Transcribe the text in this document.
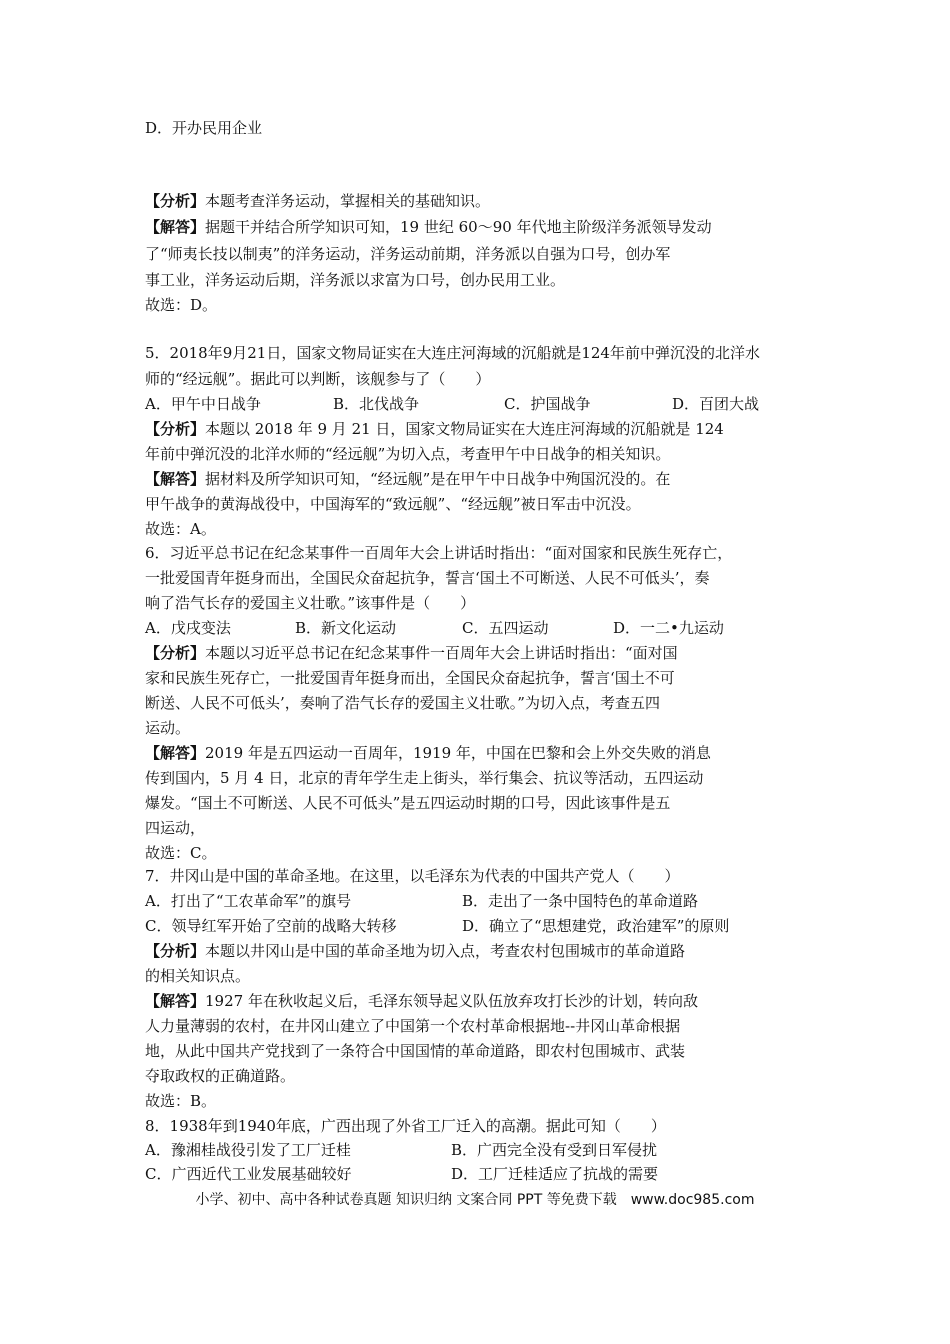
D．开办民用企业
【分析】本题考查洋务运动，掌握相关的基础知识。
【解答】据题干并结合所学知识可知，19 世纪 60～90 年代地主阶级洋务派领导发动
了“师夷长技以制夷”的洋务运动，洋务运动前期，洋务派以自强为口号，创办军
事工业，洋务运动后期，洋务派以求富为口号，创办民用工业。
故选：D。
5．2018年9月21日，国家文物局证实在大连庄河海域的沉船就是124年前中弹沉没的北洋水
师的“经远舰”。据此可以判断，该舰参与了（　　）
A．甲午中日战争	B．北伐战争	C．护国战争	D．百团大战
【分析】本题以 2018 年 9 月 21 日，国家文物局证实在大连庄河海域的沉船就是 124
年前中弹沉没的北洋水师的“经远舰”为切入点，考查甲午中日战争的相关知识。
【解答】据材料及所学知识可知，“经远舰”是在甲午中日战争中殉国沉没的。在
甲午战争的黄海战役中，中国海军的“致远舰”、“经远舰”被日军击中沉没。
故选：A。
6．习近平总书记在纪念某事件一百周年大会上讲话时指出：“面对国家和民族生死存亡，
一批爱国青年挺身而出，全国民众奋起抗争，誓言‘国土不可断送、人民不可低头’，奏
响了浩气长存的爱国主义壮歌。”该事件是（　　）
A．戊戌变法	B．新文化运动	C．五四运动	D．一二•九运动
【分析】本题以习近平总书记在纪念某事件一百周年大会上讲话时指出：“面对国
家和民族生死存亡，一批爱国青年挺身而出，全国民众奋起抗争，誓言‘国土不可
断送、人民不可低头’，奏响了浩气长存的爱国主义壮歌。”为切入点，考查五四
运动。
【解答】2019 年是五四运动一百周年，1919 年，中国在巴黎和会上外交失败的消息
传到国内，5 月 4 日，北京的青年学生走上街头，举行集会、抗议等活动，五四运动
爆发。“国土不可断送、人民不可低头”是五四运动时期的口号，因此该事件是五
四运动，
故选：C。
7．井冈山是中国的革命圣地。在这里，以毛泽东为代表的中国共产党人（　　）
A．打出了“工农革命军”的旗号	B．走出了一条中国特色的革命道路
C．领导红军开始了空前的战略大转移	D．确立了“思想建党，政治建军”的原则
【分析】本题以井冈山是中国的革命圣地为切入点，考查农村包围城市的革命道路
的相关知识点。
【解答】1927 年在秋收起义后，毛泽东领导起义队伍放弃攻打长沙的计划，转向敌
人力量薄弱的农村，在井冈山建立了中国第一个农村革命根据地--井冈山革命根据
地，从此中国共产党找到了一条符合中国国情的革命道路，即农村包围城市、武装
夺取政权的正确道路。
故选：B。
8．1938年到1940年底，广西出现了外省工厂迁入的高潮。据此可知（　　）
A．豫湘桂战役引发了工厂迁桂	B．广西完全没有受到日军侵扰
C．广西近代工业发展基础较好	D．工厂迁桂适应了抗战的需要
小学、初中、高中各种试卷真题 知识归纳 文案合同 PPT 等免费下载　www.doc985.com
